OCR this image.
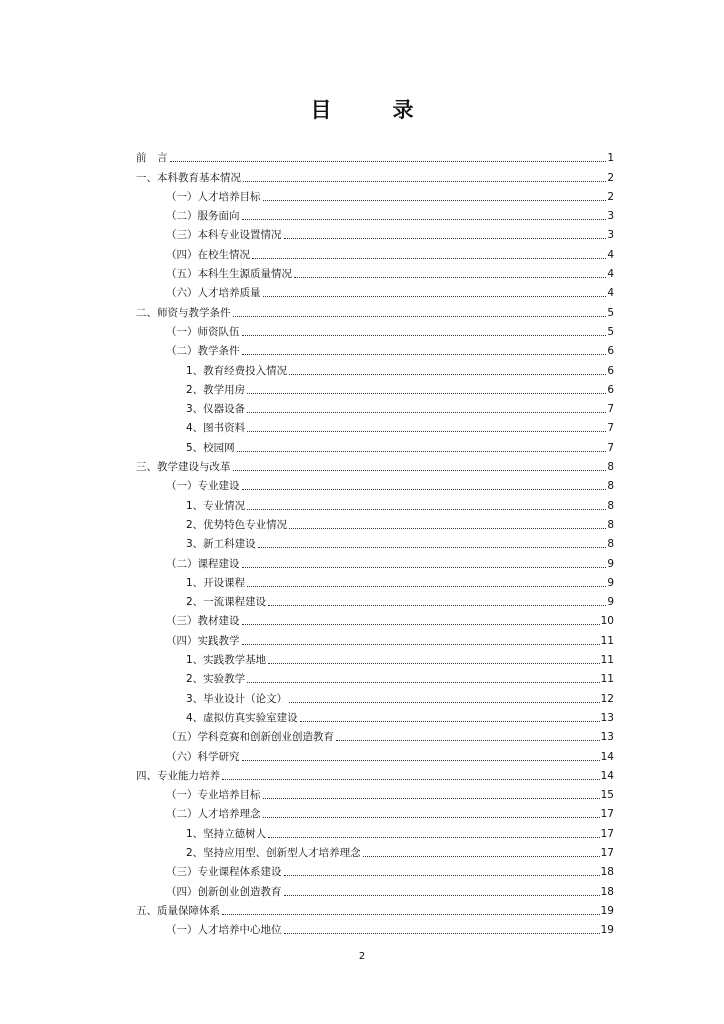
目　录
前　言	1
一、本科教育基本情况	2
（一）人才培养目标	2
（二）服务面向	3
（三）本科专业设置情况	3
（四）在校生情况	4
（五）本科生生源质量情况	4
（六）人才培养质量	4
二、师资与教学条件	5
（一）师资队伍	5
（二）教学条件	6
1、教育经费投入情况	6
2、教学用房	6
3、仪器设备	7
4、图书资料	7
5、校园网	7
三、教学建设与改革	8
（一）专业建设	8
1、专业情况	8
2、优势特色专业情况	8
3、新工科建设	8
（二）课程建设	9
1、开设课程	9
2、一流课程建设	9
（三）教材建设	10
（四）实践教学	11
1、实践教学基地	11
2、实验教学	11
3、毕业设计（论文）	12
4、虚拟仿真实验室建设	13
（五）学科竞赛和创新创业创造教育	13
（六）科学研究	14
四、专业能力培养	14
（一）专业培养目标	15
（二）人才培养理念	17
1、坚持立德树人	17
2、坚持应用型、创新型人才培养理念	17
（三）专业课程体系建设	18
（四）创新创业创造教育	18
五、质量保障体系	19
（一）人才培养中心地位	19
2
